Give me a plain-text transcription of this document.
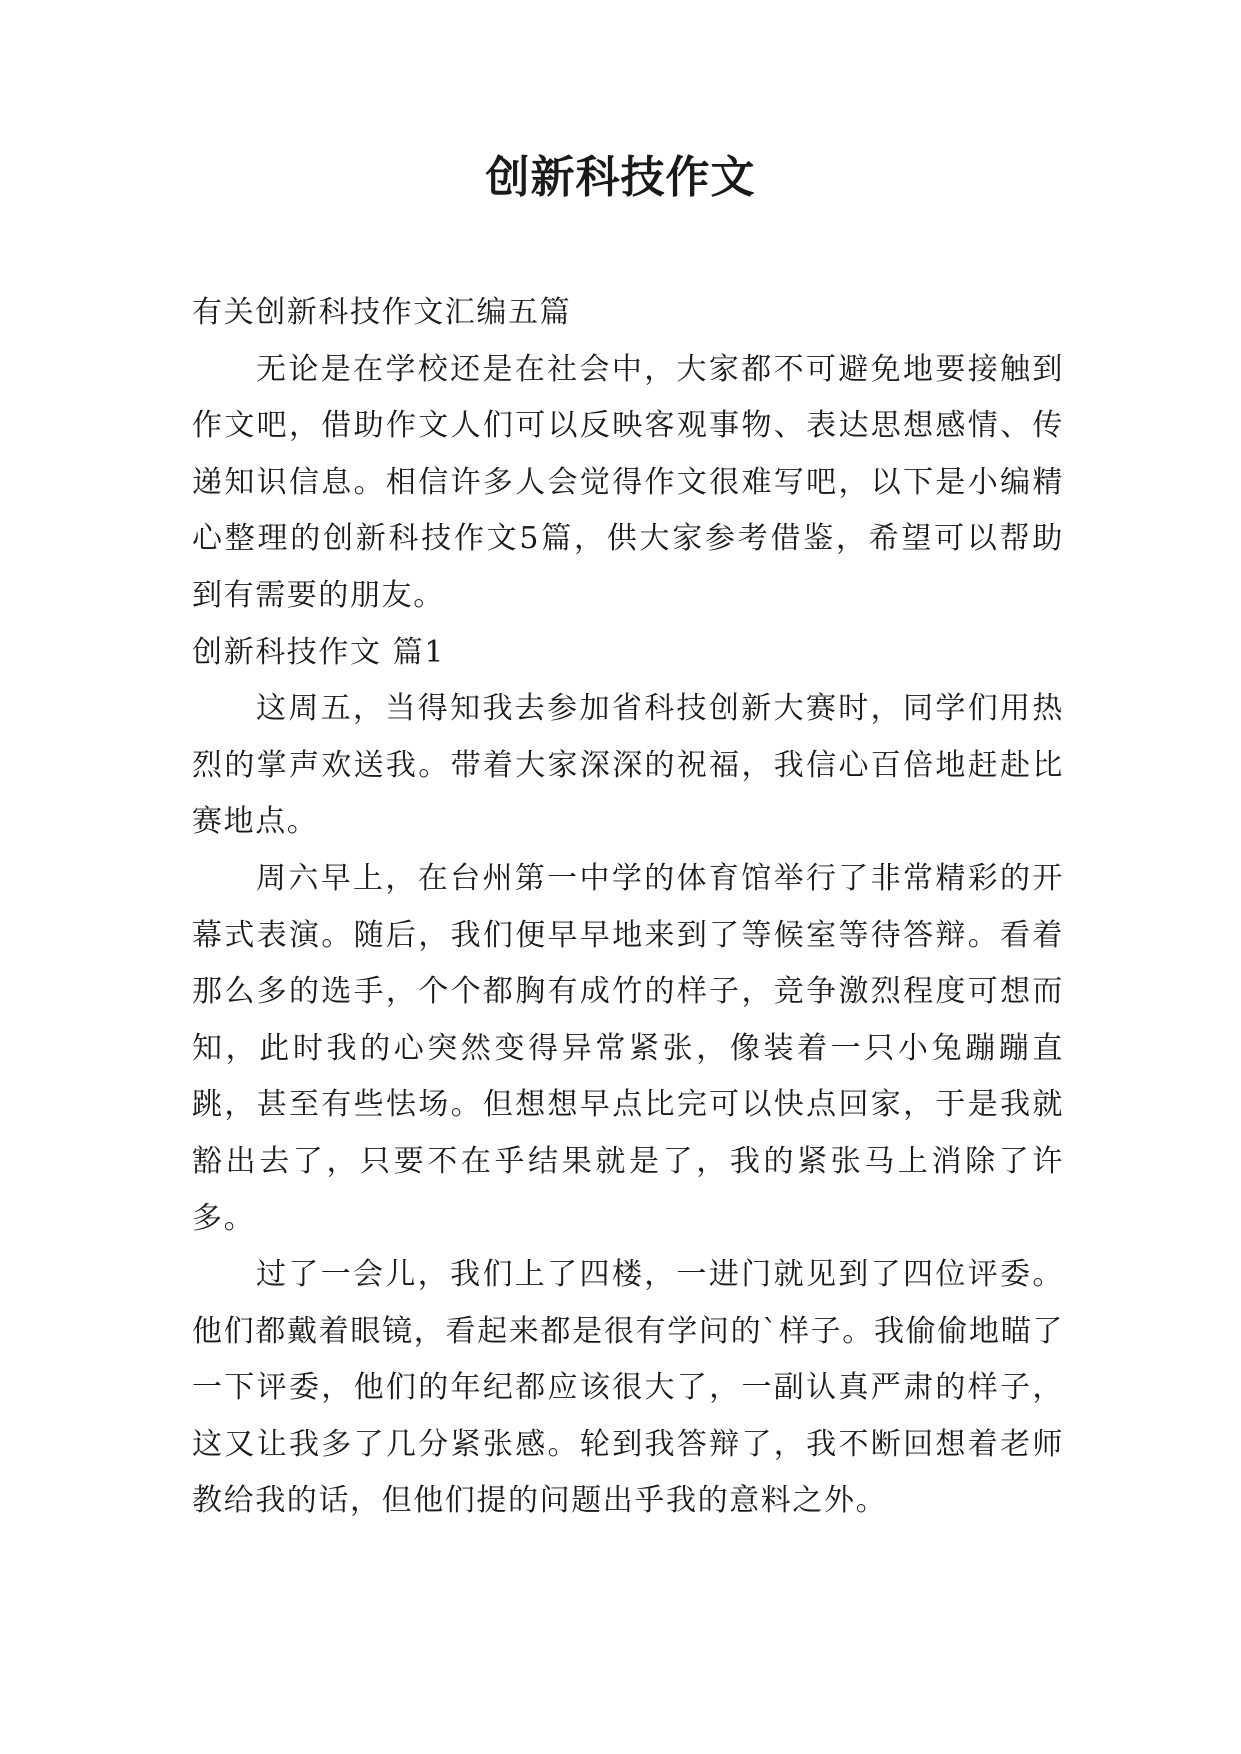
创新科技作文

有关创新科技作文汇编五篇

无论是在学校还是在社会中，大家都不可避免地要接触到作文吧，借助作文人们可以反映客观事物、表达思想感情、传递知识信息。相信许多人会觉得作文很难写吧，以下是小编精心整理的创新科技作文5篇，供大家参考借鉴，希望可以帮助到有需要的朋友。

创新科技作文 篇1

这周五，当得知我去参加省科技创新大赛时，同学们用热烈的掌声欢送我。带着大家深深的祝福，我信心百倍地赶赴比赛地点。

周六早上，在台州第一中学的体育馆举行了非常精彩的开幕式表演。随后，我们便早早地来到了等候室等待答辩。看着那么多的选手，个个都胸有成竹的样子，竞争激烈程度可想而知，此时我的心突然变得异常紧张，像装着一只小兔蹦蹦直跳，甚至有些怯场。但想想早点比完可以快点回家，于是我就豁出去了，只要不在乎结果就是了，我的紧张马上消除了许多。

过了一会儿，我们上了四楼，一进门就见到了四位评委。他们都戴着眼镜，看起来都是很有学问的`样子。我偷偷地瞄了一下评委，他们的年纪都应该很大了，一副认真严肃的样子，这又让我多了几分紧张感。轮到我答辩了，我不断回想着老师教给我的话，但他们提的问题出乎我的意料之外。
